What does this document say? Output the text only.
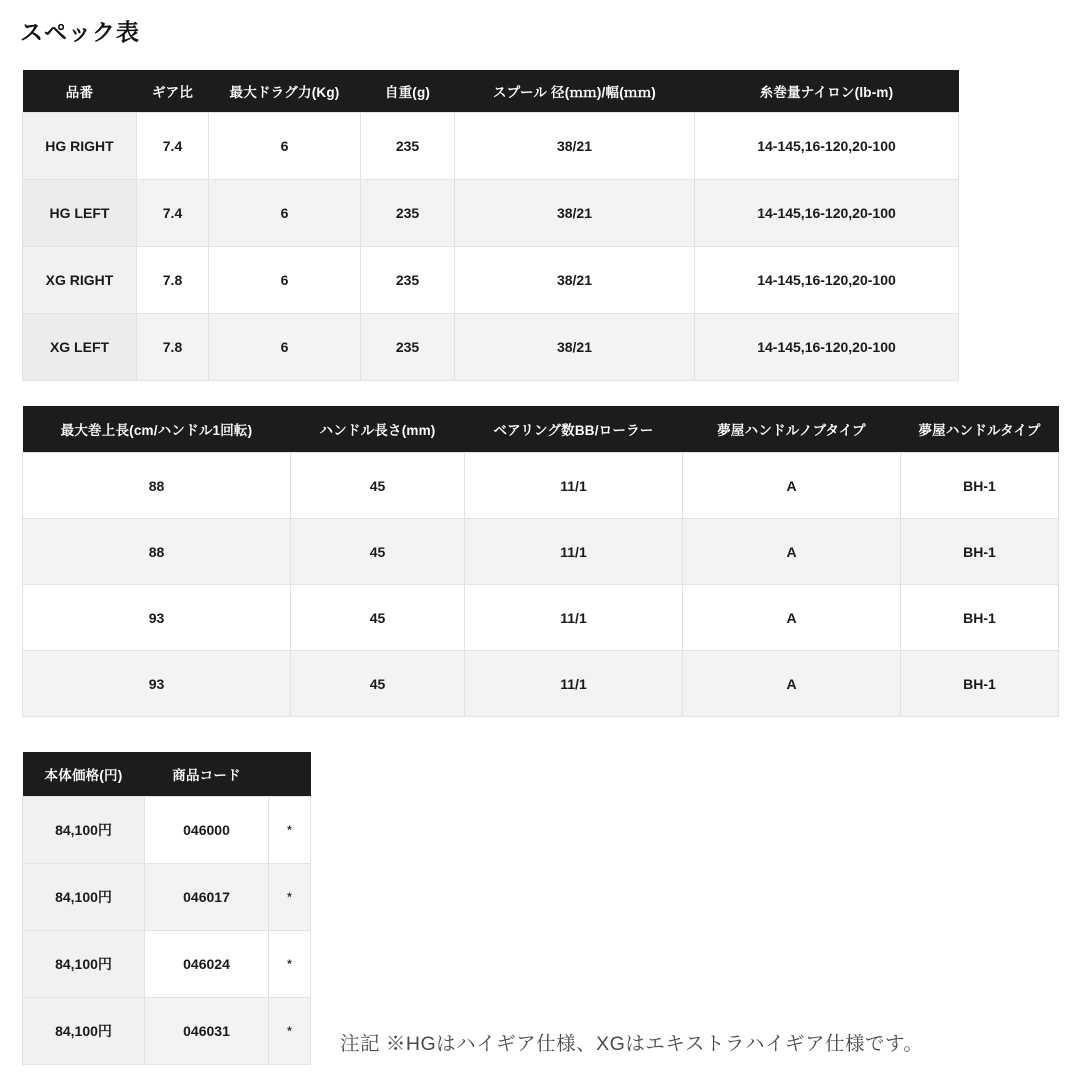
スペック表
品番	ギア比	最大ドラグ力(Kg)	自重(g)	スプール 径(ｍｍ)/幅(ｍｍ)	糸巻量ナイロン(lb-m)
HG RIGHT	7.4	6	235	38/21	14-145,16-120,20-100
HG LEFT	7.4	6	235	38/21	14-145,16-120,20-100
XG RIGHT	7.8	6	235	38/21	14-145,16-120,20-100
XG LEFT	7.8	6	235	38/21	14-145,16-120,20-100
最大巻上長(cm/ハンドル1回転)	ハンドル長さ(mm)	ベアリング数BB/ローラー	夢屋ハンドルノブタイプ	夢屋ハンドルタイプ
88	45	11/1	A	BH-1
88	45	11/1	A	BH-1
93	45	11/1	A	BH-1
93	45	11/1	A	BH-1
本体価格(円)	商品コード	
84,100円	046000	*
84,100円	046017	*
84,100円	046024	*
84,100円	046031	*
注記 ※HGはハイギア仕様、XGはエキストラハイギア仕様です。
